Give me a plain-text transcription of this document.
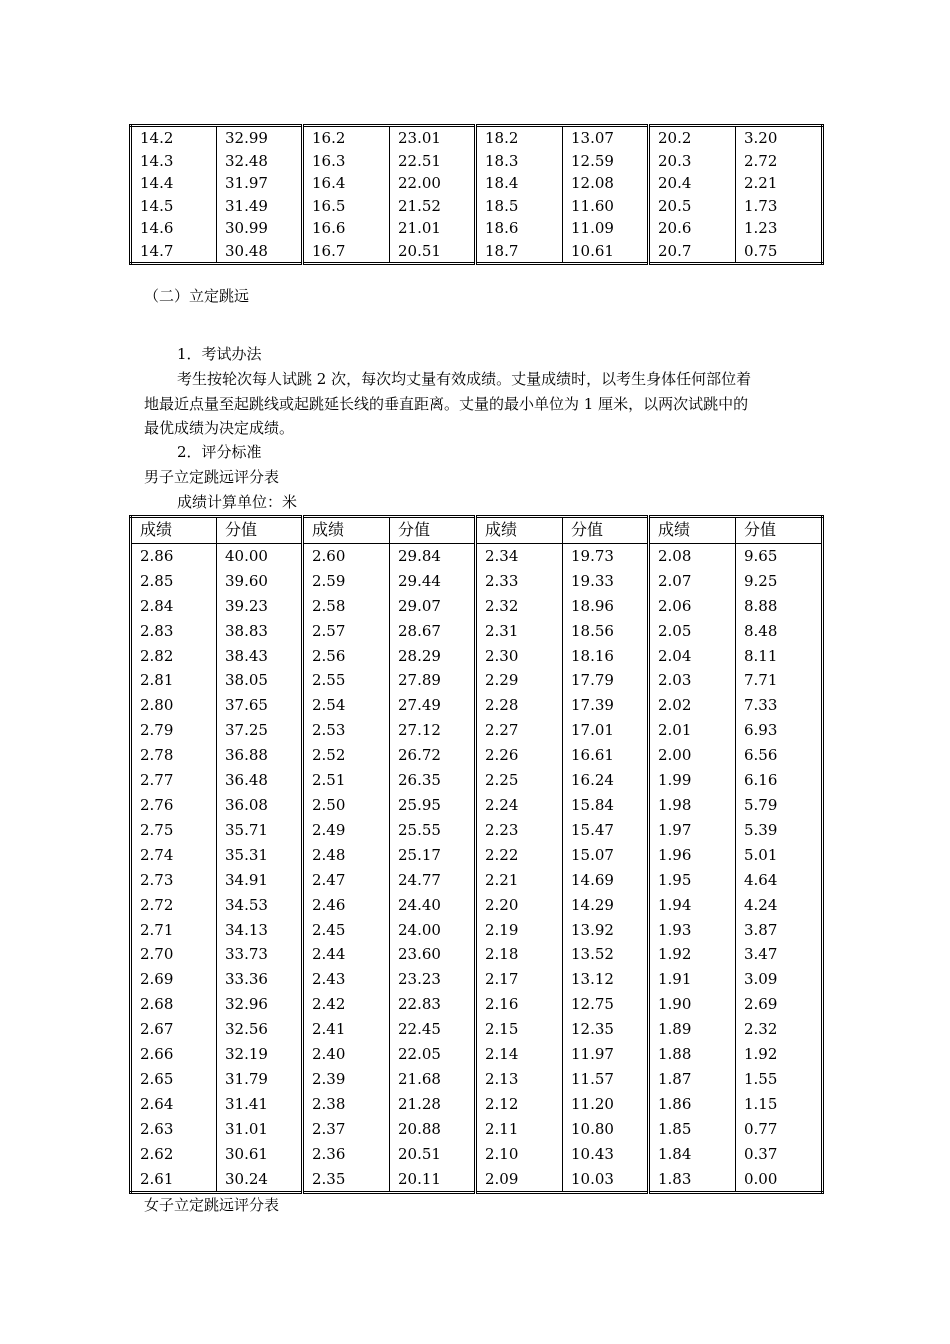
14.2	32.99	16.2	23.01	18.2	13.07	20.2	3.20
14.3	32.48	16.3	22.51	18.3	12.59	20.3	2.72
14.4	31.97	16.4	22.00	18.4	12.08	20.4	2.21
14.5	31.49	16.5	21.52	18.5	11.60	20.5	1.73
14.6	30.99	16.6	21.01	18.6	11.09	20.6	1.23
14.7	30.48	16.7	20.51	18.7	10.61	20.7	0.75
（二）立定跳远
1．考试办法
考生按轮次每人试跳 2 次，每次均丈量有效成绩。丈量成绩时，以考生身体任何部位着
地最近点量至起跳线或起跳延长线的垂直距离。丈量的最小单位为 1 厘米，以两次试跳中的
最优成绩为决定成绩。
2．评分标准
男子立定跳远评分表
成绩计算单位：米
成绩	分值	成绩	分值	成绩	分值	成绩	分值
2.86	40.00	2.60	29.84	2.34	19.73	2.08	9.65
2.85	39.60	2.59	29.44	2.33	19.33	2.07	9.25
2.84	39.23	2.58	29.07	2.32	18.96	2.06	8.88
2.83	38.83	2.57	28.67	2.31	18.56	2.05	8.48
2.82	38.43	2.56	28.29	2.30	18.16	2.04	8.11
2.81	38.05	2.55	27.89	2.29	17.79	2.03	7.71
2.80	37.65	2.54	27.49	2.28	17.39	2.02	7.33
2.79	37.25	2.53	27.12	2.27	17.01	2.01	6.93
2.78	36.88	2.52	26.72	2.26	16.61	2.00	6.56
2.77	36.48	2.51	26.35	2.25	16.24	1.99	6.16
2.76	36.08	2.50	25.95	2.24	15.84	1.98	5.79
2.75	35.71	2.49	25.55	2.23	15.47	1.97	5.39
2.74	35.31	2.48	25.17	2.22	15.07	1.96	5.01
2.73	34.91	2.47	24.77	2.21	14.69	1.95	4.64
2.72	34.53	2.46	24.40	2.20	14.29	1.94	4.24
2.71	34.13	2.45	24.00	2.19	13.92	1.93	3.87
2.70	33.73	2.44	23.60	2.18	13.52	1.92	3.47
2.69	33.36	2.43	23.23	2.17	13.12	1.91	3.09
2.68	32.96	2.42	22.83	2.16	12.75	1.90	2.69
2.67	32.56	2.41	22.45	2.15	12.35	1.89	2.32
2.66	32.19	2.40	22.05	2.14	11.97	1.88	1.92
2.65	31.79	2.39	21.68	2.13	11.57	1.87	1.55
2.64	31.41	2.38	21.28	2.12	11.20	1.86	1.15
2.63	31.01	2.37	20.88	2.11	10.80	1.85	0.77
2.62	30.61	2.36	20.51	2.10	10.43	1.84	0.37
2.61	30.24	2.35	20.11	2.09	10.03	1.83	0.00
女子立定跳远评分表
